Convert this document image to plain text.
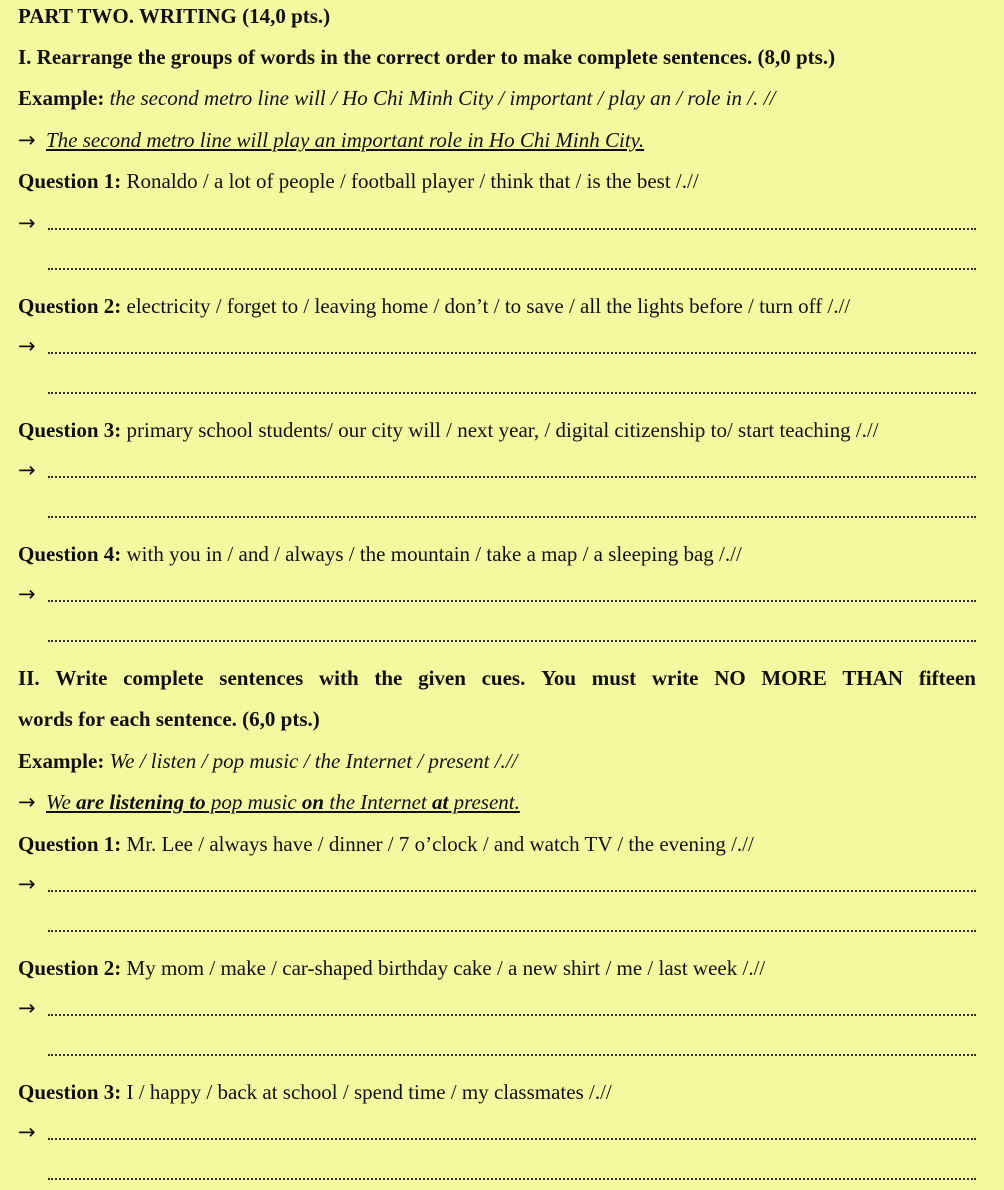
PART TWO. WRITING (14,0 pts.)
I. Rearrange the groups of words in the correct order to make complete sentences. (8,0 pts.)
Example: the second metro line will / Ho Chi Minh City / important / play an / role in /. //
→ The second metro line will play an important role in Ho Chi Minh City.
Question 1: Ronaldo / a lot of people / football player / think that / is the best /.//
→
Question 2: electricity / forget to / leaving home / don’t / to save / all the lights before / turn off /.//
→
Question 3: primary school students/ our city will / next year, / digital citizenship to/ start teaching /.//
→
Question 4: with you in / and / always / the mountain / take a map / a sleeping bag /.//
→
II. Write complete sentences with the given cues. You must write NO MORE THAN fifteen
words for each sentence. (6,0 pts.)
Example: We / listen / pop music / the Internet / present /.//
→ We are listening to pop music on the Internet at present.
Question 1: Mr. Lee / always have / dinner / 7 o’clock / and watch TV / the evening /.//
→
Question 2: My mom / make / car-shaped birthday cake / a new shirt / me / last week /.//
→
Question 3: I / happy / back at school / spend time / my classmates /.//
→
